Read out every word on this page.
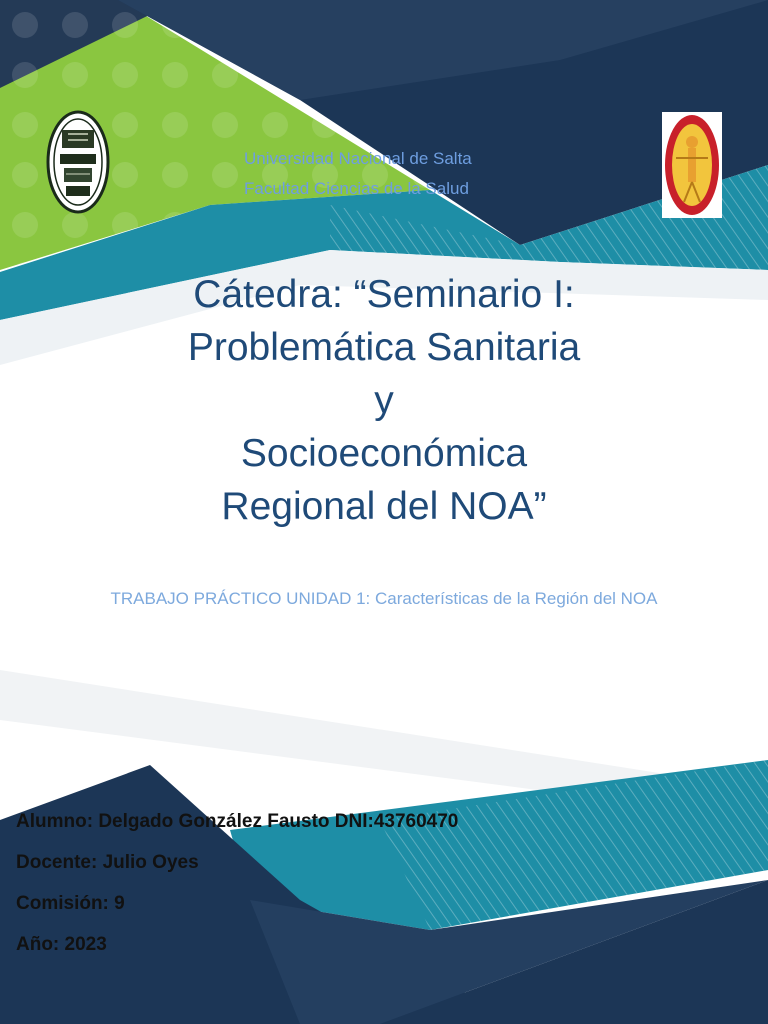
Universidad Nacional de Salta
Facultad Ciencias de la Salud
Cátedra: “Seminario I:
Problemática Sanitaria
y
Socioeconómica
Regional del NOA”
TRABAJO PRÁCTICO UNIDAD 1: Características de la Región del NOA
Alumno: Delgado González Fausto DNI:43760470
Docente: Julio Oyes
Comisión: 9
Año: 2023
